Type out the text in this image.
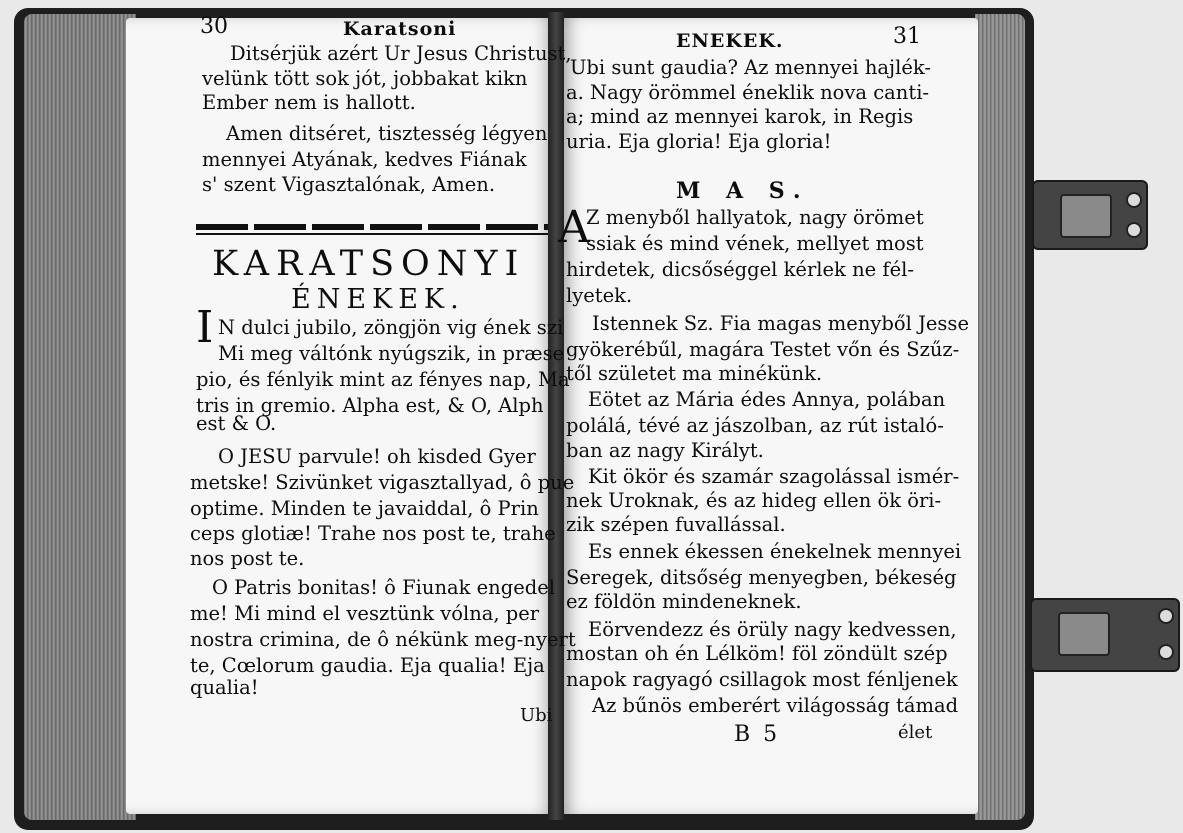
30	Karatsoni
Ditsérjük azért Ur Jesus Christust,
velünk tött sok jót, jobbakat kikn
Ember nem is hallott.
Amen ditséret, tisztesség légyen
mennyei Atyának, kedves Fiának
s' szent Vigasztalónak, Amen.
KARATSONYI
ÉNEKEK.
I N dulci jubilo, zöngjön vig ének szi
Mi meg váltónk nyúgszik, in præse
pio, és fénlyik mint az fényes nap, Ma
tris in gremio. Alpha est, & O, Alph
est & O.
O JESU parvule! oh kisded Gyer
metske! Szivünket vigasztallyad, ô pue
optime. Minden te javaiddal, ô Prin
ceps glotiæ! Trahe nos post te, trahe
nos post te.
O Patris bonitas! ô Fiunak engedel
me! Mi mind el vesztünk vólna, per
nostra crimina, de ô nékünk meg-nyert
te, Cœlorum gaudia. Eja qualia! Eja
qualia!
Ubi
ENEKEK.	31
Ubi sunt gaudia? Az mennyei hajlék-
a. Nagy örömmel éneklik nova canti-
a; mind az mennyei karok, in Regis
uria. Eja gloria! Eja gloria!
M A S.
A
Z menyből hallyatok, nagy örömet
ssiak és mind vének, mellyet most
hirdetek, dicsőséggel kérlek ne fél-
lyetek.
Istennek Sz. Fia magas menyből Jesse
gyökerébűl, magára Testet vőn és Szűz-
től születet ma minékünk.
Eötet az Mária édes Annya, polában
polálá, tévé az jászolban, az rút istaló-
ban az nagy Királyt.
Kit ökör és szamár szagolással ismér-
nek Uroknak, és az hideg ellen ök öri-
zik szépen fuvallással.
Es ennek ékessen énekelnek mennyei
Seregek, ditsőség menyegben, békeség
ez földön mindeneknek.
Eörvendezz és örüly nagy kedvessen,
mostan oh én Lélköm! föl zöndült szép
napok ragyagó csillagok most fénljenek
Az bűnös emberért világosság támad
B 5	élet
